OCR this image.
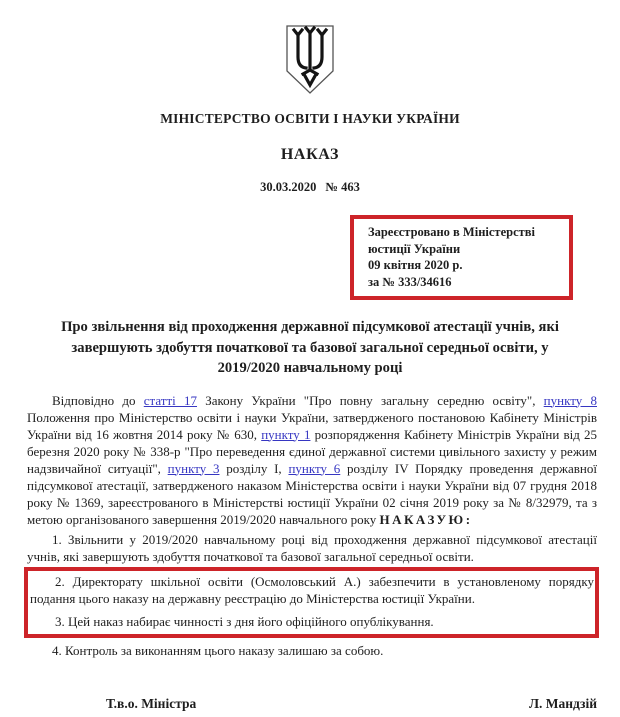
МІНІСТЕРСТВО ОСВІТИ І НАУКИ УКРАЇНИ
НАКАЗ
30.03.2020 № 463
Зареєстровано в Міністерстві
юстиції України
09 квітня 2020 р.
за № 333/34616
Про звільнення від проходження державної підсумкової атестації учнів, які завершують здобуття початкової та базової загальної середньої освіти, у 2019/2020 навчальному році

Відповідно до статті 17 Закону України "Про повну загальну середню освіту", пункту 8 Положення про Міністерство освіти і науки України, затвердженого постановою Кабінету Міністрів України від 16 жовтня 2014 року № 630, пункту 1 розпорядження Кабінету Міністрів України від 25 березня 2020 року № 338-р "Про переведення єдиної державної системи цивільного захисту у режим надзвичайної ситуації", пункту 3 розділу І, пункту 6 розділу IV Порядку проведення державної підсумкової атестації, затвердженого наказом Міністерства освіти і науки України від 07 грудня 2018 року № 1369, зареєстрованого в Міністерстві юстиції України 02 січня 2019 року за № 8/32979, та з метою організованого завершення 2019/2020 навчального року НАКАЗУЮ:

1. Звільнити у 2019/2020 навчальному році від проходження державної підсумкової атестації учнів, які завершують здобуття початкової та базової загальної середньої освіти.

2. Директорату шкільної освіти (Осмоловський А.) забезпечити в установленому порядку подання цього наказу на державну реєстрацію до Міністерства юстиції України.

3. Цей наказ набирає чинності з дня його офіційного опублікування.

4. Контроль за виконанням цього наказу залишаю за собою.

Т.в.о. Міністра	Л. Мандзій
